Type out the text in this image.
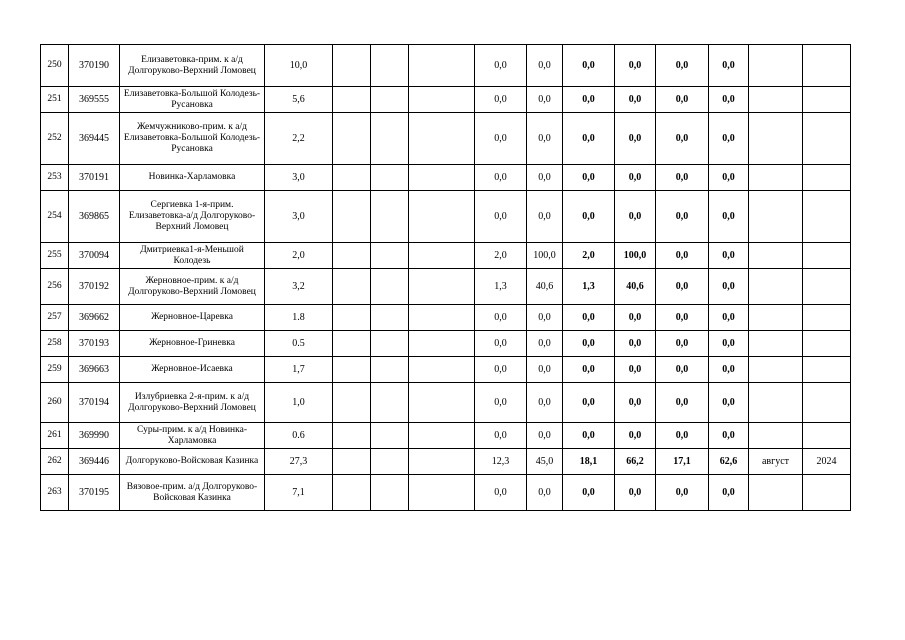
250	370190	Елизаветовка-прим. к а/д Долгоруково-Верхний Ломовец	10,0				0,0	0,0	0,0	0,0	0,0	0,0		
251	369555	Елизаветовка-Большой Колодезь-Русановка	5,6				0,0	0,0	0,0	0,0	0,0	0,0		
252	369445	Жемчужниково-прим. к а/д Елизаветовка-Большой Колодезь-Русановка	2,2				0,0	0,0	0,0	0,0	0,0	0,0		
253	370191	Новинка-Харламовка	3,0				0,0	0,0	0,0	0,0	0,0	0,0		
254	369865	Сергиевка 1-я-прим. Елизаветовка-а/д Долгоруково-Верхний Ломовец	3,0				0,0	0,0	0,0	0,0	0,0	0,0		
255	370094	Дмитриевка1-я-Меньшой Колодезь	2,0				2,0	100,0	2,0	100,0	0,0	0,0		
256	370192	Жерновное-прим. к а/д Долгоруково-Верхний Ломовец	3,2				1,3	40,6	1,3	40,6	0,0	0,0		
257	369662	Жерновное-Царевка	1.8				0,0	0,0	0,0	0,0	0,0	0,0		
258	370193	Жерновное-Гриневка	0.5				0,0	0,0	0,0	0,0	0,0	0,0		
259	369663	Жерновное-Исаевка	1,7				0,0	0,0	0,0	0,0	0,0	0,0		
260	370194	Излубриевка 2-я-прим. к а/д Долгоруково-Верхний Ломовец	1,0				0,0	0,0	0,0	0,0	0,0	0,0		
261	369990	Суры-прим. к а/д Новинка-Харламовка	0.6				0,0	0,0	0,0	0,0	0,0	0,0		
262	369446	Долгоруково-Войсковая Казинка	27,3				12,3	45,0	18,1	66,2	17,1	62,6	август	2024
263	370195	Вязовое-прим. а/д Долгоруково-Войсковая Казинка	7,1				0,0	0,0	0,0	0,0	0,0	0,0		
